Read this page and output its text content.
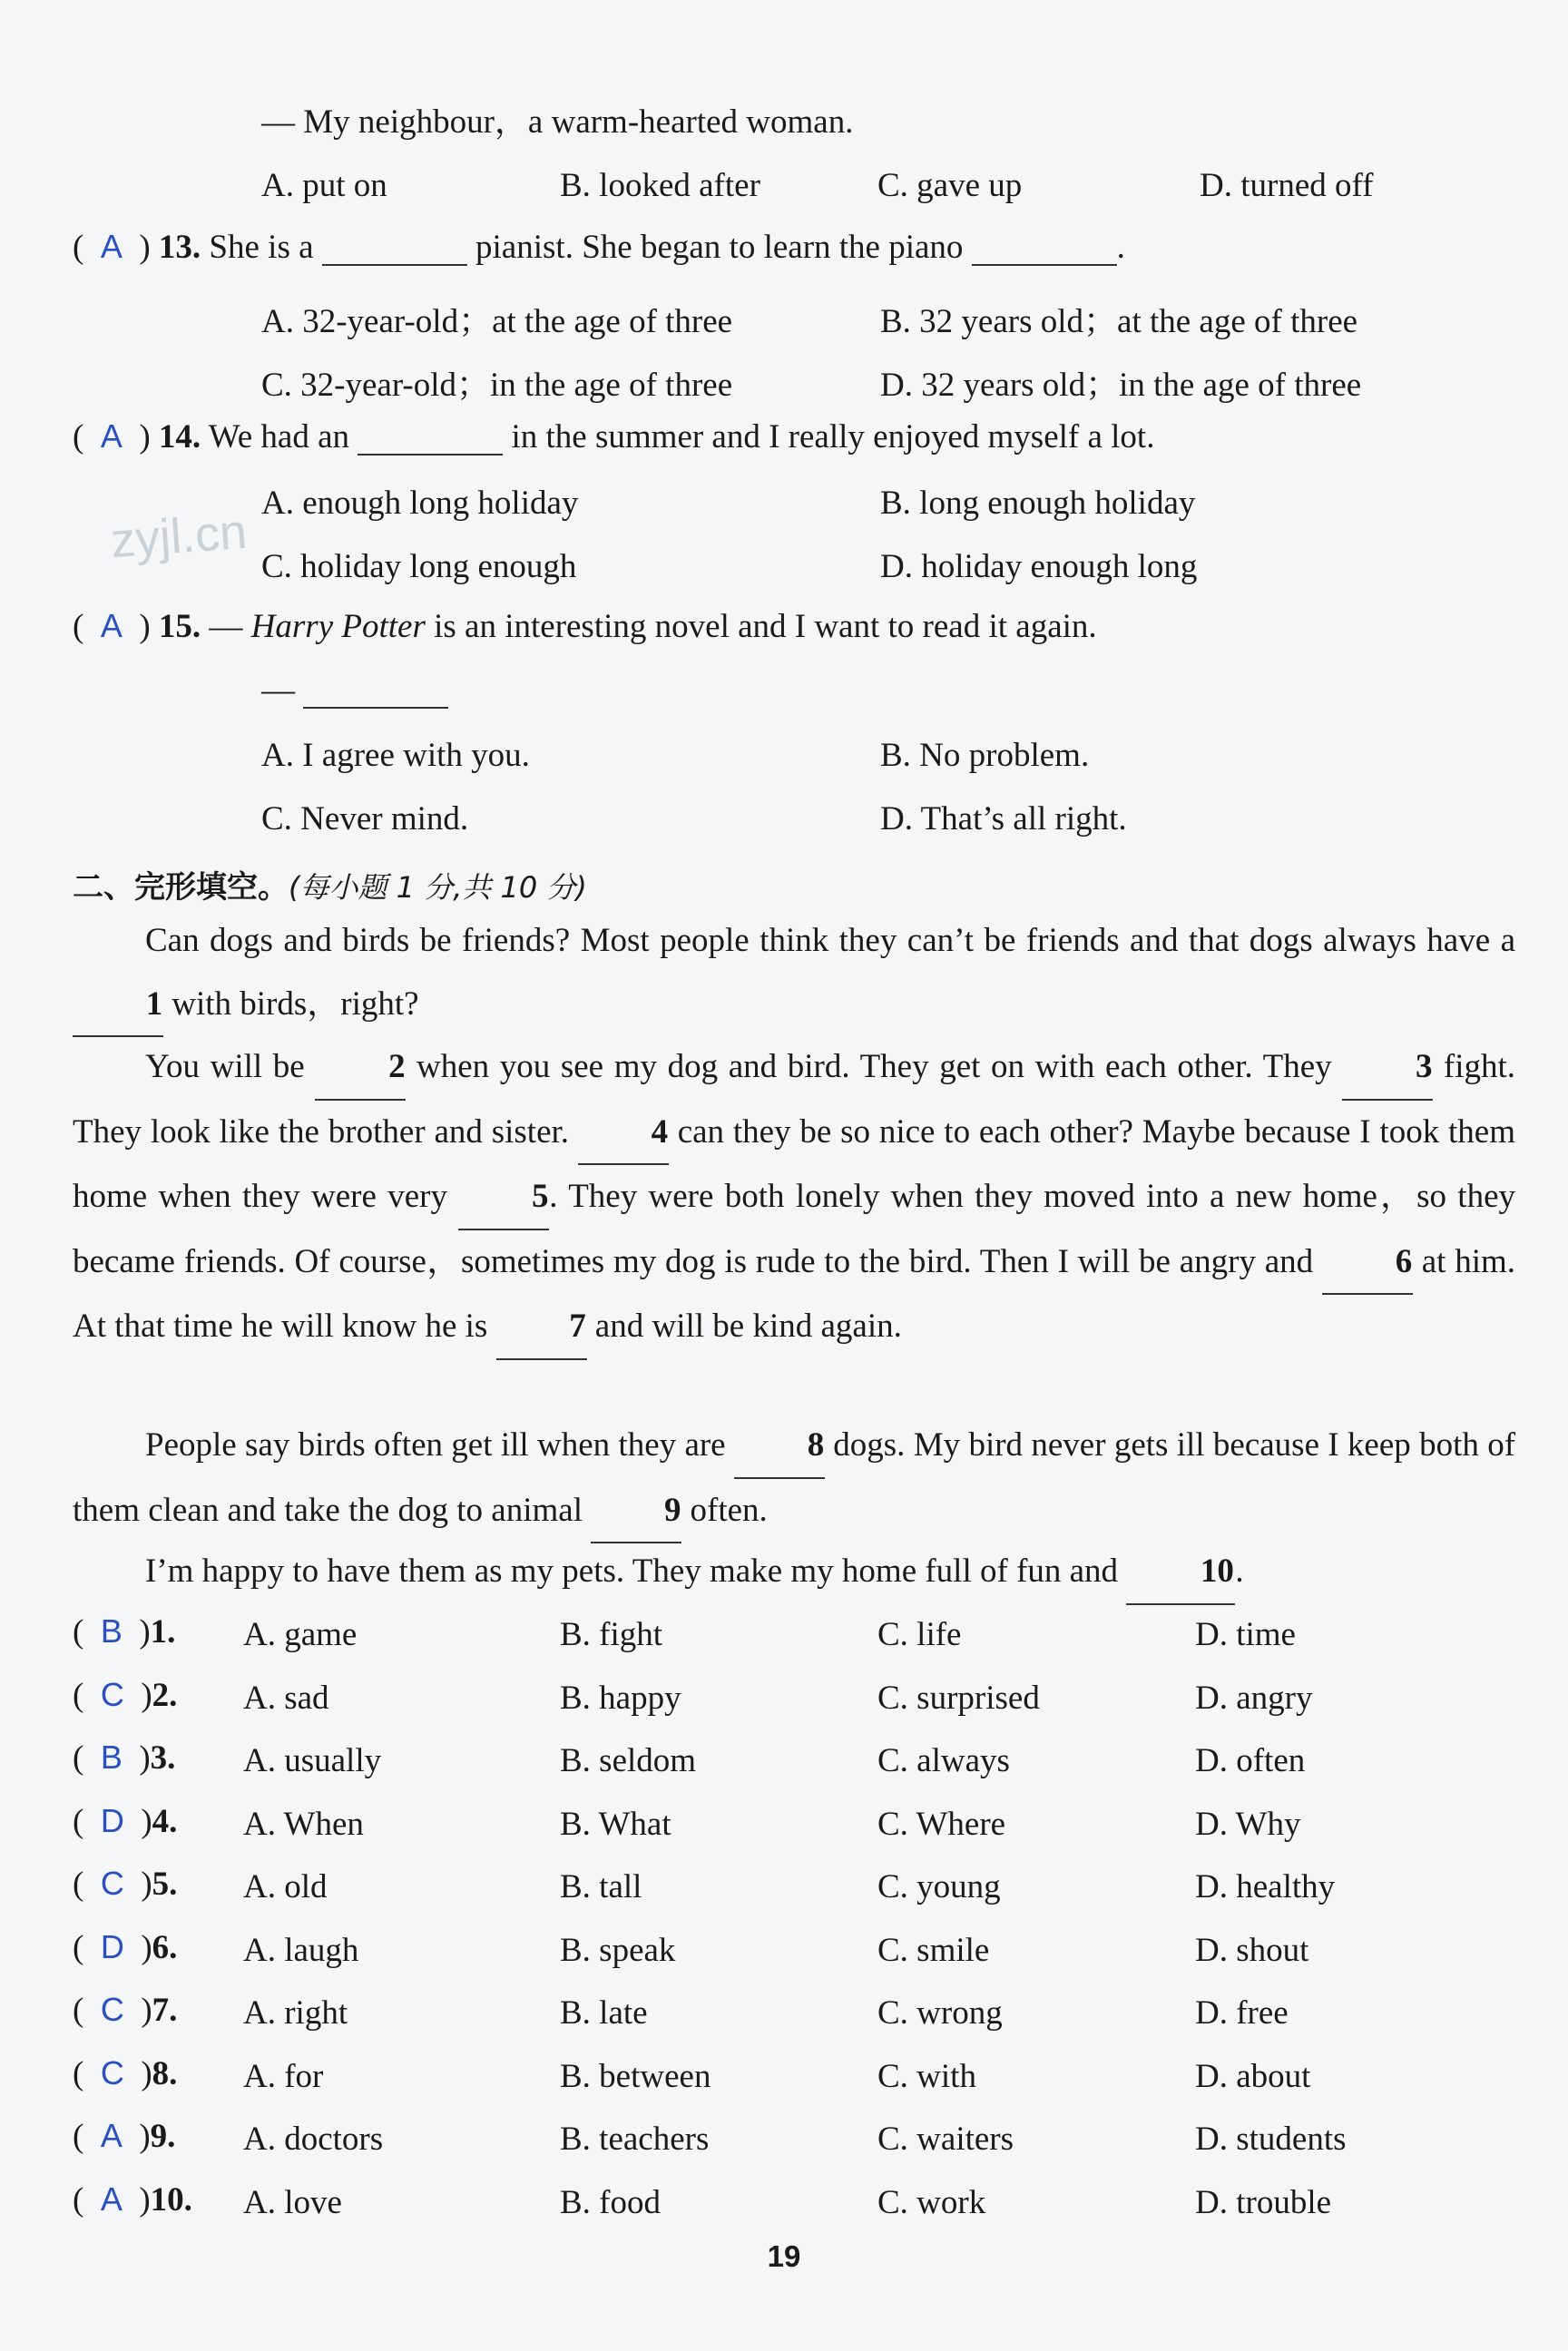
zyjl.cn
— My neighbour，a warm-hearted woman.
A. put on	B. looked after	C. gave up	D. turned off
(  A  ) 13. She is a	pianist. She began to learn the piano	.
A. 32-year-old；at the age of three	B. 32 years old；at the age of three
C. 32-year-old；in the age of three	D. 32 years old；in the age of three
(  A  ) 14. We had an	in the summer and I really enjoyed myself a lot.
A. enough long holiday	B. long enough holiday
C. holiday long enough	D. holiday enough long
(  A  ) 15. — Harry Potter is an interesting novel and I want to read it again.
—
A. I agree with you.	B. No problem.
C. Never mind.	D. That’s all right.
二、完形填空。(每小题 1 分,共 10 分)
Can dogs and birds be friends? Most people think they can’t be friends and that dogs always have a 1 with birds，right?
You will be 2 when you see my dog and bird. They get on with each other. They 3 fight. They look like the brother and sister. 4 can they be so nice to each other? Maybe because I took them home when they were very	5. They were both lonely when they moved into a new home，so they became friends. Of course，sometimes my dog is rude to the bird. Then I will be angry and 6 at him. At that time he will know he is 7 and will be kind again.
People say birds often get ill when they are 8 dogs. My bird never gets ill because I keep both of them clean and take the dog to animal 9 often.
I’m happy to have them as my pets. They make my home full of fun and 10.
(  B  )1. A. game	B. fight	C. life	D. time
(  C  )2. A. sad	B. happy	C. surprised	D. angry
(  B  )3. A. usually	B. seldom	C. always	D. often
(  D  )4. A. When	B. What	C. Where	D. Why
(  C  )5. A. old	B. tall	C. young	D. healthy
(  D  )6. A. laugh	B. speak	C. smile	D. shout
(  C  )7. A. right	B. late	C. wrong	D. free
(  C  )8. A. for	B. between	C. with	D. about
(  A  )9. A. doctors	B. teachers	C. waiters	D. students
(  A  )10. A. love	B. food	C. work	D. trouble
19
